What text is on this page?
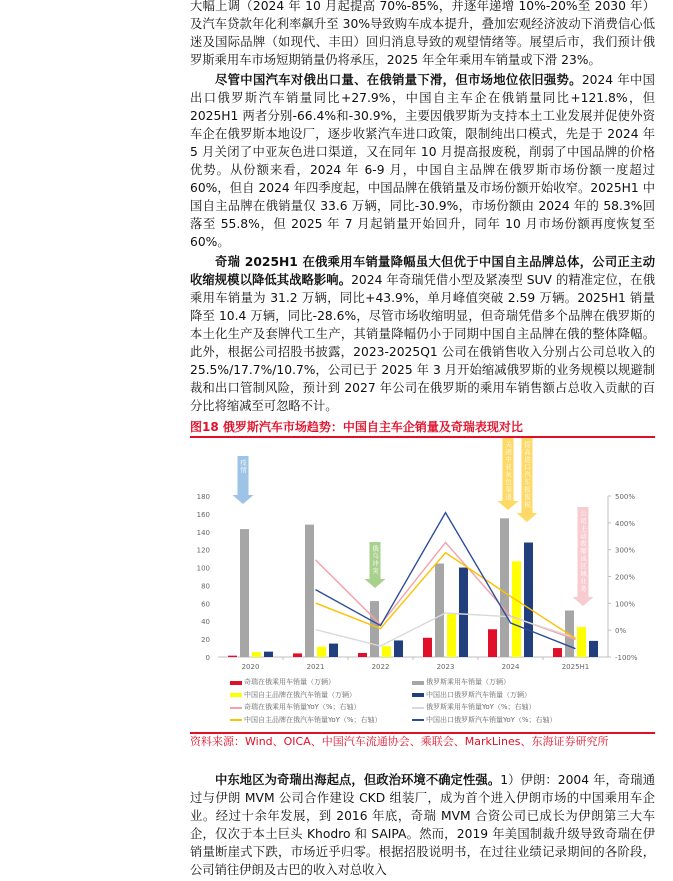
大幅上调（2024 年 10 月起提高 70%-85%，并逐年递增 10%-20%至 2030 年）及汽车贷款年化利率飙升至 30%导致购车成本提升，叠加宏观经济波动下消费信心低迷及国际品牌（如现代、丰田）回归消息导致的观望情绪等。展望后市，我们预计俄罗斯乘用车市场短期销量仍将承压，2025 年全年乘用车销量或下滑 23%。

尽管中国汽车对俄出口量、在俄销量下滑，但市场地位依旧强势。2024 年中国出口俄罗斯汽车销量同比+27.9%，中国自主车企在俄销量同比+121.8%，但 2025H1 两者分别-66.4%和-30.9%，主要因俄罗斯为支持本土工业发展并促使外资车企在俄罗斯本地设厂，逐步收紧汽车进口政策，限制纯出口模式，先是于 2024 年 5 月关闭了中亚灰色进口渠道，又在同年 10 月提高报废税，削弱了中国品牌的价格优势。从份额来看，2024 年 6-9 月，中国自主品牌在俄罗斯市场份额一度超过 60%，但自 2024 年四季度起，中国品牌在俄销量及市场份额开始收窄。2025H1 中国自主品牌在俄销量仅 33.6 万辆，同比-30.9%，市场份额由 2024 年的 58.3%回落至 55.8%，但 2025 年 7 月起销量开始回升，同年 10 月市场份额再度恢复至 60%。

奇瑞 2025H1 在俄乘用车销量降幅虽大但优于中国自主品牌总体，公司正主动收缩规模以降低其战略影响。2024 年奇瑞凭借小型及紧凑型 SUV 的精准定位，在俄乘用车销量为 31.2 万辆，同比+43.9%，单月峰值突破 2.59 万辆。2025H1 销量降至 10.4 万辆，同比-28.6%，尽管市场收缩明显，但奇瑞凭借多个品牌在俄罗斯的本土化生产及套牌代工生产，其销量降幅仍小于同期中国自主品牌在俄的整体降幅。此外，根据公司招股书披露，2023-2025Q1 公司在俄销售收入分别占公司总收入的 25.5%/17.7%/10.7%，公司已于 2025 年 3 月开始缩减俄罗斯的业务规模以规避制裁和出口管制风险，预计到 2027 年公司在俄罗斯的乘用车销售额占总收入贡献的百分比将缩减至可忽略不计。

图18 俄罗斯汽车市场趋势：中国自主车企销量及奇瑞表现对比
0
20
40
60
80
100
120
140
160
180
-100%
0%
100%
200%
300%
400%
500%
2020	2021	2022	2023	2024	2025H1
疫情
俄乌冲突
关闭中亚灰色渠道 提高进口汽车报废税
公司主动收缩该区域业务
奇瑞在俄乘用车销量（万辆）	俄罗斯乘用车销量（万辆）
中国自主品牌在俄汽车销量（万辆）	中国出口俄罗斯汽车销量（万辆）
奇瑞在俄乘用车销量YoY（%；右轴）	俄罗斯乘用车销量YoY（%；右轴）
中国自主品牌在俄汽车销量YoY（%；右轴）	中国出口俄罗斯汽车销量YoY（%；右轴）
资料来源：Wind、OICA、中国汽车流通协会、乘联会、MarkLines、东海证券研究所

中东地区为奇瑞出海起点，但政治环境不确定性强。1）伊朗：2004 年，奇瑞通过与伊朗 MVM 公司合作建设 CKD 组装厂，成为首个进入伊朗市场的中国乘用车企业。经过十余年发展，到 2016 年底，奇瑞 MVM 合资公司已成长为伊朗第三大车企，仅次于本土巨头 Khodro 和 SAIPA。然而，2019 年美国制裁升级导致奇瑞在伊销量断崖式下跌，市场近乎归零。根据招股说明书，在过往业绩记录期间的各阶段，公司销往伊朗及古巴的收入对总收入
